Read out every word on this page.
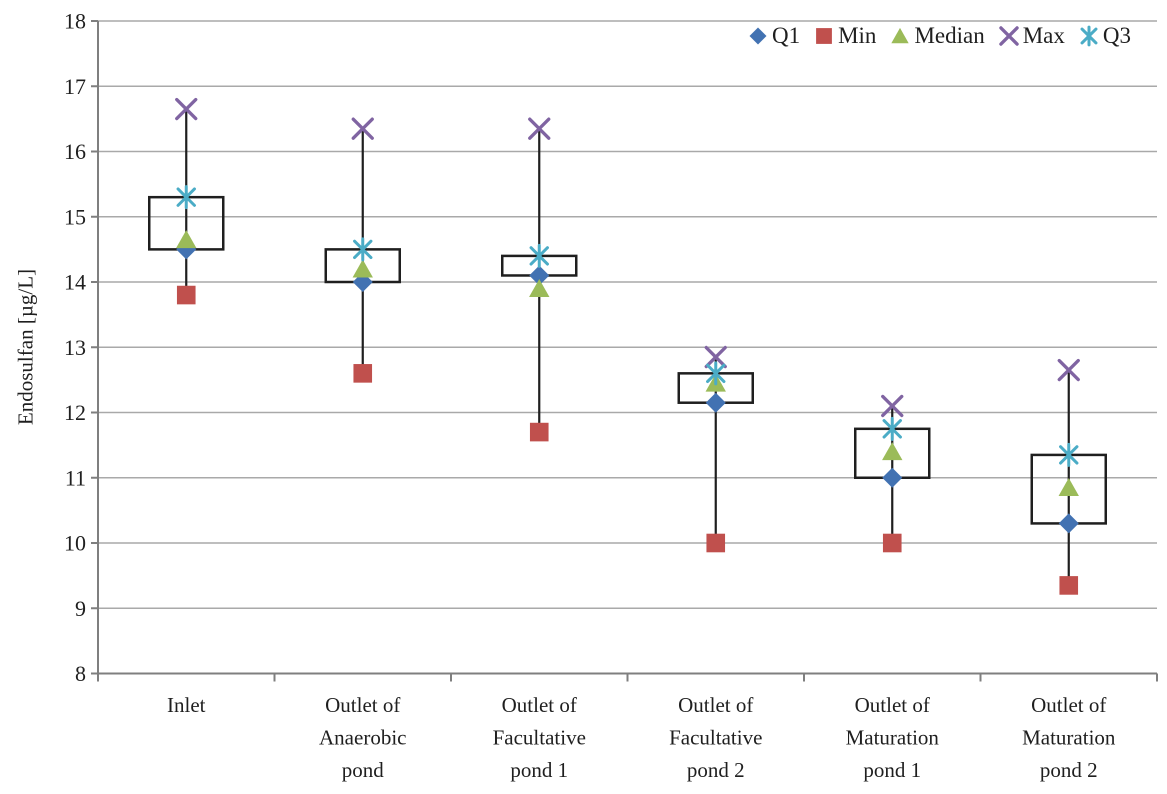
8
9
10
11
12
13
14
15
16
17
18
Inlet	Outlet of Anaerobic pond
Outlet of Facultative pond 1
Outlet of Facultative pond 2
Outlet of Maturation pond 1
Outlet of Maturation pond 2
Endosulfan [µg/L]
Q1 Min Median Max Q3
